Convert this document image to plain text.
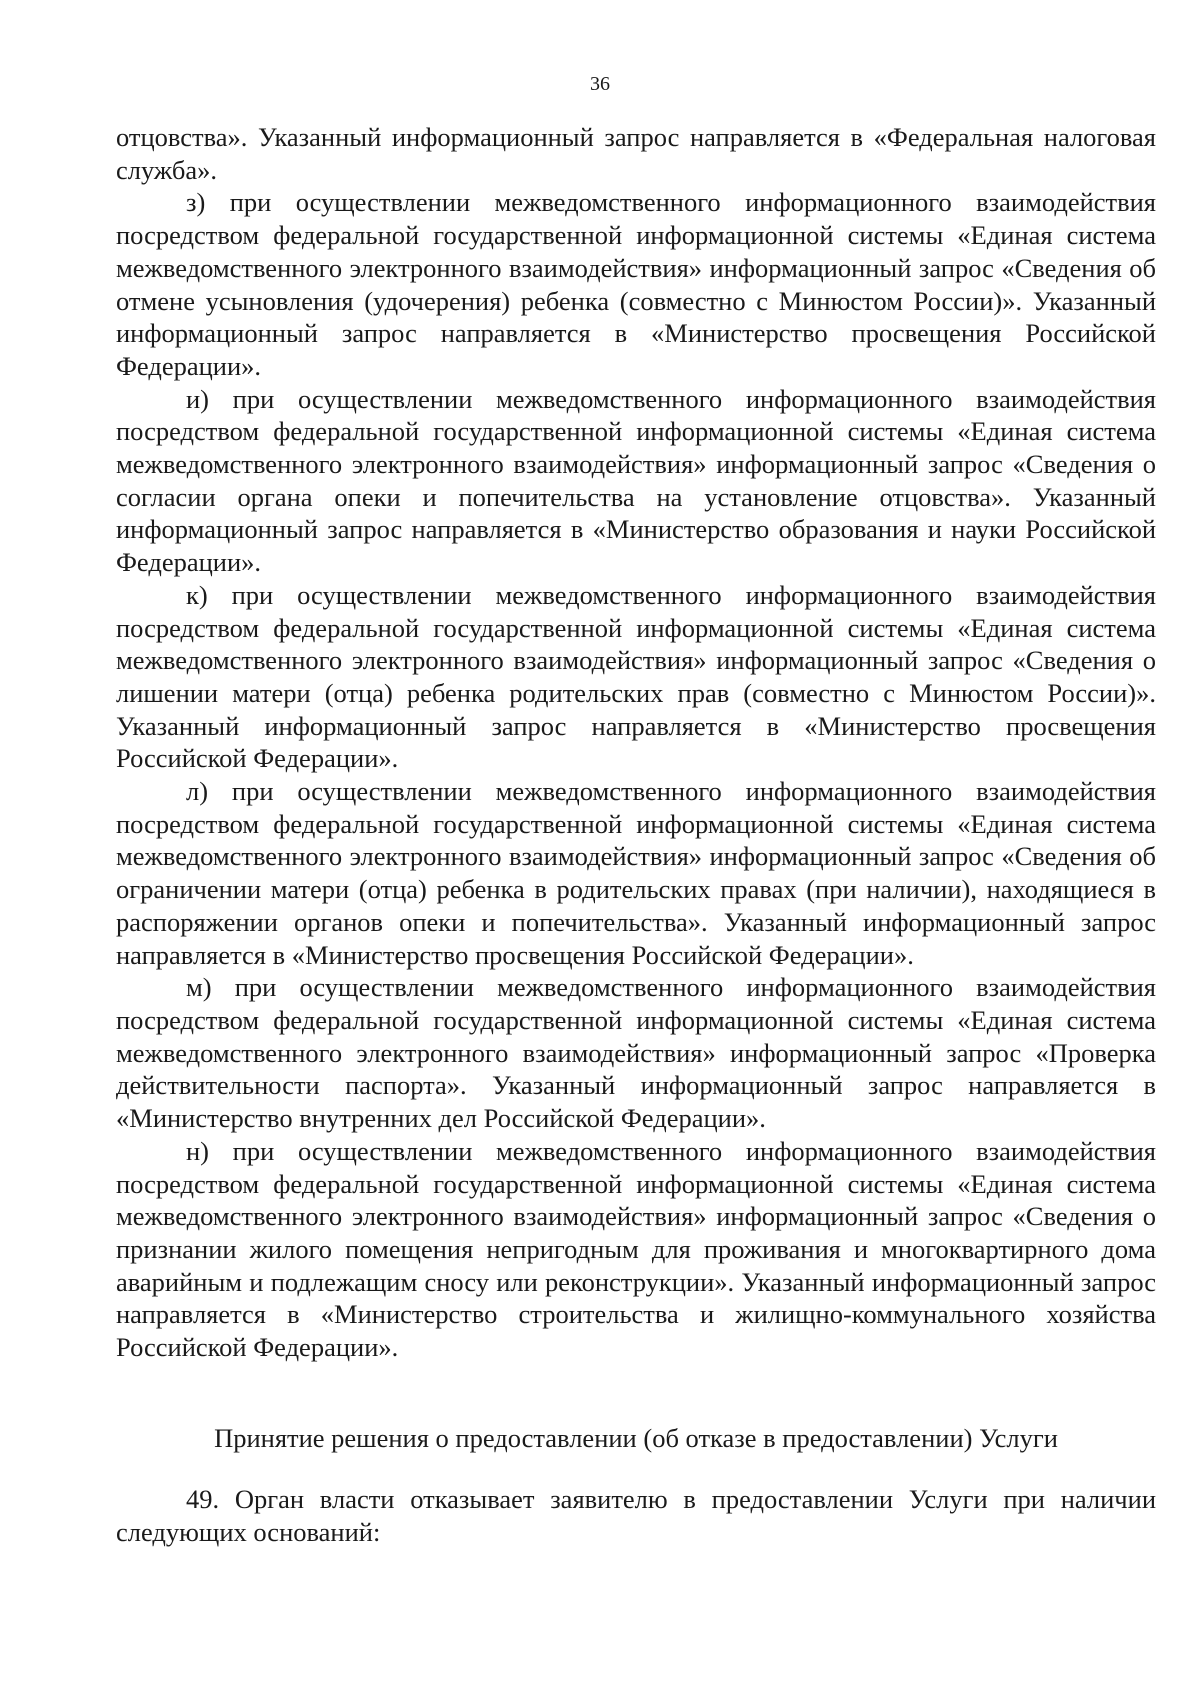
36

отцовства». Указанный информационный запрос направляется в «Федеральная налоговая служба».

з) при осуществлении межведомственного информационного взаимодействия посредством федеральной государственной информационной системы «Единая система межведомственного электронного взаимодействия» информационный запрос «Сведения об отмене усыновления (удочерения) ребенка (совместно с Минюстом России)». Указанный информационный запрос направляется в «Министерство просвещения Российской Федерации».

и) при осуществлении межведомственного информационного взаимодействия посредством федеральной государственной информационной системы «Единая система межведомственного электронного взаимодействия» информационный запрос «Сведения о согласии органа опеки и попечительства на установление отцовства». Указанный информационный запрос направляется в «Министерство образования и науки Российской Федерации».

к) при осуществлении межведомственного информационного взаимодействия посредством федеральной государственной информационной системы «Единая система межведомственного электронного взаимодействия» информационный запрос «Сведения о лишении матери (отца) ребенка родительских прав (совместно с Минюстом России)». Указанный информационный запрос направляется в «Министерство просвещения Российской Федерации».

л) при осуществлении межведомственного информационного взаимодействия посредством федеральной государственной информационной системы «Единая система межведомственного электронного взаимодействия» информационный запрос «Сведения об ограничении матери (отца) ребенка в родительских правах (при наличии), находящиеся в распоряжении органов опеки и попечительства». Указанный информационный запрос направляется в «Министерство просвещения Российской Федерации».

м) при осуществлении межведомственного информационного взаимодействия посредством федеральной государственной информационной системы «Единая система межведомственного электронного взаимодействия» информационный запрос «Проверка действительности паспорта». Указанный информационный запрос направляется в «Министерство внутренних дел Российской Федерации».

н) при осуществлении межведомственного информационного взаимодействия посредством федеральной государственной информационной системы «Единая система межведомственного электронного взаимодействия» информационный запрос «Сведения о признании жилого помещения непригодным для проживания и многоквартирного дома аварийным и подлежащим сносу или реконструкции». Указанный информационный запрос направляется в «Министерство строительства и жилищно-коммунального хозяйства Российской Федерации».

Принятие решения о предоставлении (об отказе в предоставлении) Услуги

49. Орган власти отказывает заявителю в предоставлении Услуги при наличии следующих оснований:
